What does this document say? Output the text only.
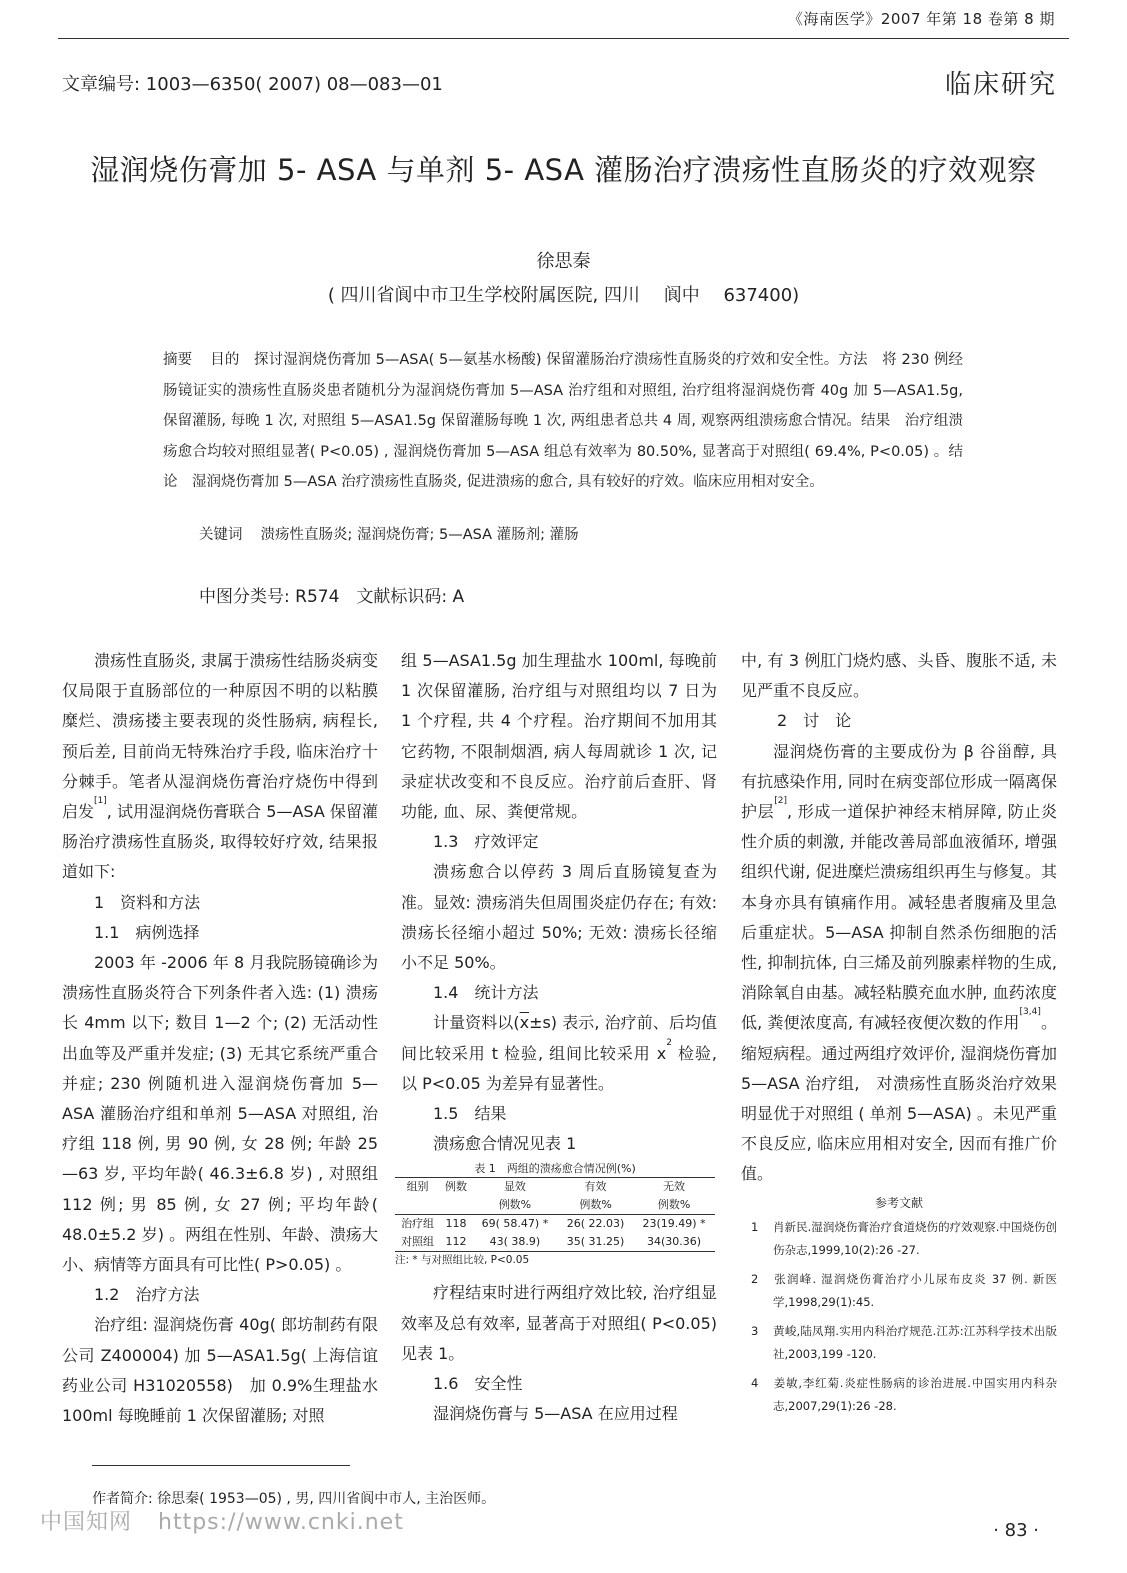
《海南医学》2007 年第 18 卷第 8 期
文章编号: 1003—6350( 2007) 08—083—01	临床研究
湿润烧伤膏加 5- ASA 与单剂 5- ASA 灌肠治疗溃疡性直肠炎的疗效观察
徐思秦
( 四川省阆中市卫生学校附属医院, 四川　 阆中　 637400)
摘要 目的　探讨湿润烧伤膏加 5—ASA( 5—氨基水杨酸) 保留灌肠治疗溃疡性直肠炎的疗效和安全性。方法　将 230 例经肠镜证实的溃疡性直肠炎患者随机分为湿润烧伤膏加 5—ASA 治疗组和对照组, 治疗组将湿润烧伤膏 40g 加 5—ASA1.5g, 保留灌肠, 每晚 1 次, 对照组 5—ASA1.5g 保留灌肠每晚 1 次, 两组患者总共 4 周, 观察两组溃疡愈合情况。结果　治疗组溃疡愈合均较对照组显著( P<0.05) , 湿润烧伤膏加 5—ASA 组总有效率为 80.50%, 显著高于对照组( 69.4%, P<0.05) 。结论　湿润烧伤膏加 5—ASA 治疗溃疡性直肠炎, 促进溃疡的愈合, 具有较好的疗效。临床应用相对安全。
关键词 溃疡性直肠炎; 湿润烧伤膏; 5—ASA 灌肠剂; 灌肠
中图分类号: R574　文献标识码: A

溃疡性直肠炎, 隶属于溃疡性结肠炎病变仅局限于直肠部位的一种原因不明的以粘膜糜烂、溃疡搂主要表现的炎性肠病, 病程长, 预后差, 目前尚无特殊治疗手段, 临床治疗十分棘手。笔者从湿润烧伤膏治疗烧伤中得到启发[1], 试用湿润烧伤膏联合 5—ASA 保留灌肠治疗溃疡性直肠炎, 取得较好疗效, 结果报道如下:

1　资料和方法

1.1　病例选择

2003 年 -2006 年 8 月我院肠镜确诊为溃疡性直肠炎符合下列条件者入选: (1) 溃疡长 4mm 以下; 数目 1—2 个; (2) 无活动性出血等及严重并发症; (3) 无其它系统严重合并症; 230 例随机进入湿润烧伤膏加 5—ASA 灌肠治疗组和单剂 5—ASA 对照组, 治疗组 118 例, 男 90 例, 女 28 例; 年龄 25—63 岁, 平均年龄( 46.3±6.8 岁) , 对照组 112 例; 男 85 例, 女 27 例; 平均年龄( 48.0±5.2 岁) 。两组在性别、年龄、溃疡大小、病情等方面具有可比性( P>0.05) 。

1.2　治疗方法

治疗组: 湿润烧伤膏 40g( 郎坊制药有限公司 Z400004) 加 5—ASA1.5g( 上海信谊药业公司 H31020558)　加 0.9%生理盐水 100ml 每晚睡前 1 次保留灌肠; 对照

组 5—ASA1.5g 加生理盐水 100ml, 每晚前 1 次保留灌肠, 治疗组与对照组均以 7 日为 1 个疗程, 共 4 个疗程。治疗期间不加用其它药物, 不限制烟酒, 病人每周就诊 1 次, 记录症状改变和不良反应。治疗前后查肝、肾功能, 血、尿、粪便常规。

1.3　疗效评定

溃疡愈合以停药 3 周后直肠镜复查为准。显效: 溃疡消失但周围炎症仍存在; 有效: 溃疡长径缩小超过 50%; 无效: 溃疡长径缩小不足 50%。

1.4　统计方法

计量资料以$(\overline{x}\pm s)$ 表示, 治疗前、后均值间比较采用 t 检验, 组间比较采用 $x^2$ 检验, 以 P<0.05 为差异有显著性。

1.5　结果

溃疡愈合情况见表 1

表 1　两组的溃疡愈合情况例(%)
组别	例数	显效	有效	无效
		例数%	例数%	例数%
治疗组	118	69( 58.47) *	26( 22.03)	23(19.49) *
对照组	112	43( 38.9)	35( 31.25)	34(30.36)

注: * 与对照组比较, P<0.05

疗程结束时进行两组疗效比较, 治疗组显效率及总有效率, 显著高于对照组( P<0.05) 见表 1。

1.6　安全性

湿润烧伤膏与 5—ASA 在应用过程

中, 有 3 例肛门烧灼感、头昏、腹胀不适, 未见严重不良反应。

2　讨　论

湿润烧伤膏的主要成份为 β 谷甾醇, 具有抗感染作用, 同时在病变部位形成一隔离保护层[2], 形成一道保护神经末梢屏障, 防止炎性介质的刺激, 并能改善局部血液循环, 增强组织代谢, 促进糜烂溃疡组织再生与修复。其本身亦具有镇痛作用。减轻患者腹痛及里急后重症状。5—ASA 抑制自然杀伤细胞的活性, 抑制抗体, 白三烯及前列腺素样物的生成, 消除氧自由基。减轻粘膜充血水肿, 血药浓度低, 粪便浓度高, 有减轻夜便次数的作用[3,4]。缩短病程。通过两组疗效评价, 湿润烧伤膏加 5—ASA 治疗组,　对溃疡性直肠炎治疗效果明显优于对照组 ( 单剂 5—ASA) 。未见严重不良反应, 临床应用相对安全, 因而有推广价值。

参考文献

1 肖新民.湿润烧伤膏治疗食道烧伤的疗效观察.中国烧伤创伤杂志,1999,10(2):26 -27.

2 张润峰. 湿润烧伤膏治疗小儿尿布皮炎 37 例. 新医学,1998,29(1):45.

3 黄峻,陆凤翔.实用内科治疗规范.江苏:江苏科学技术出版社,2003,199 -120.

4 姜敏,李红菊.炎症性肠病的诊治进展.中国实用内科杂志,2007,29(1):26 -28.

作者简介: 徐思秦( 1953—05) , 男, 四川省阆中市人, 主治医师。
中国知网 https://www.cnki.net	· 83 ·
